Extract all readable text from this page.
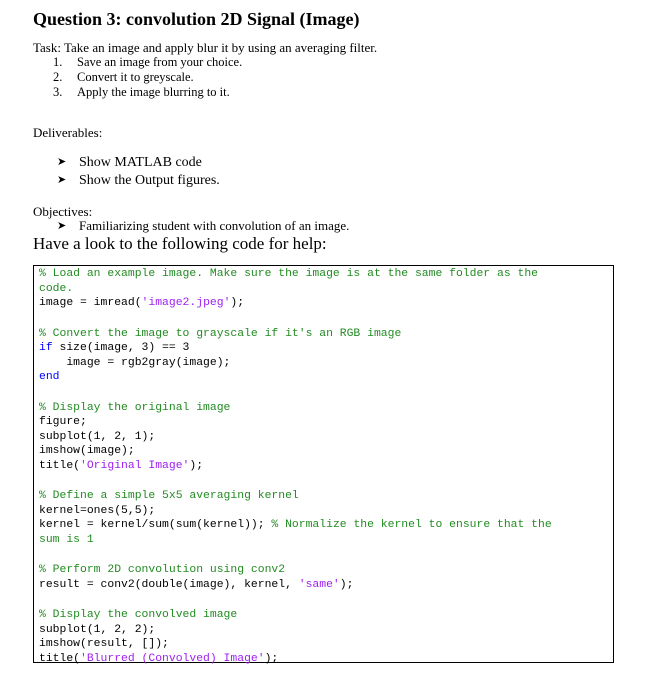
Question 3: convolution 2D Signal (Image)
Task: Take an image and apply blur it by using an averaging filter.
1. Save an image from your choice.
2. Convert it to greyscale.
3. Apply the image blurring to it.
Deliverables:
➤ Show MATLAB code
➤ Show the Output figures.
Objectives:
➤ Familiarizing student with convolution of an image.
Have a look to the following code for help:
% Load an example image. Make sure the image is at the same folder as the
code.
image = imread('image2.jpeg');
% Convert the image to grayscale if it's an RGB image
if size(image, 3) == 3
image = rgb2gray(image);
end
% Display the original image
figure;
subplot(1, 2, 1);
imshow(image);
title('Original Image');
% Define a simple 5x5 averaging kernel
kernel=ones(5,5);
kernel = kernel/sum(sum(kernel)); % Normalize the kernel to ensure that the
sum is 1
% Perform 2D convolution using conv2
result = conv2(double(image), kernel, 'same');
% Display the convolved image
subplot(1, 2, 2);
imshow(result, []);
title('Blurred (Convolved) Image');
